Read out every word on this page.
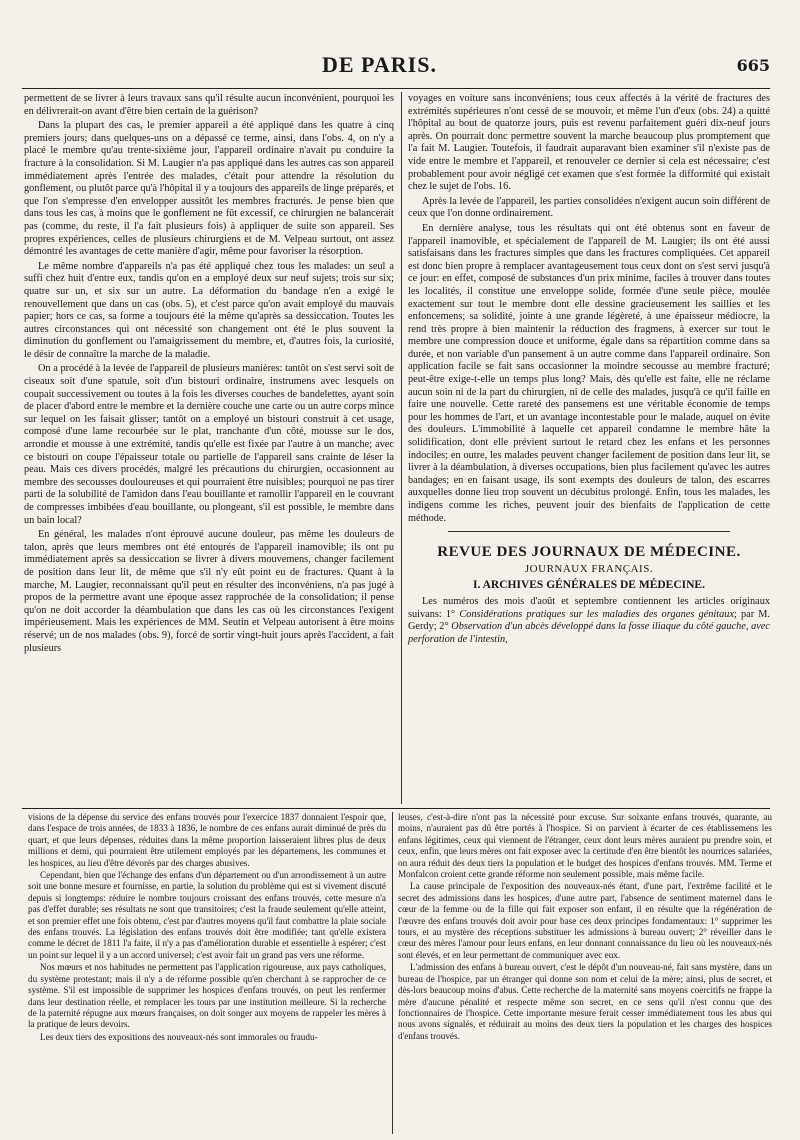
DE PARIS.	665

permettent de se livrer à leurs travaux sans qu'il résulte aucun inconvénient, pourquoi les en délivrerait-on avant d'être bien certain de la guérison?

Dans la plupart des cas, le premier appareil a été appliqué dans les quatre à cinq premiers jours; dans quelques-uns on a dépassé ce terme, ainsi, dans l'obs. 4, on n'y a placé le membre qu'au trente-sixième jour, l'appareil ordinaire n'avait pu conduire la fracture à la consolidation. Si M. Laugier n'a pas appliqué dans les autres cas son appareil immédiatement après l'entrée des malades, c'était pour attendre la résolution du gonflement, ou plutôt parce qu'à l'hôpital il y a toujours des appareils de linge préparés, et que l'on s'empresse d'en envelopper aussitôt les membres fracturés. Je pense bien que dans tous les cas, à moins que le gonflement ne fût excessif, ce chirurgien ne balancerait pas (comme, du reste, il l'a fait plusieurs fois) à appliquer de suite son appareil. Ses propres expériences, celles de plusieurs chirurgiens et de M. Velpeau surtout, ont assez démontré les avantages de cette manière d'agir, même pour favoriser la résorption.

Le même nombre d'appareils n'a pas été appliqué chez tous les malades: un seul a suffi chez huit d'entre eux, tandis qu'on en a employé deux sur neuf sujets; trois sur six; quatre sur un, et six sur un autre. La déformation du bandage n'en a exigé le renouvellement que dans un cas (obs. 5), et c'est parce qu'on avait employé du mauvais papier; hors ce cas, sa forme a toujours été la même qu'après sa dessiccation. Toutes les autres circonstances qui ont nécessité son changement ont été le plus souvent la diminution du gonflement ou l'amaigrissement du membre, et, d'autres fois, la curiosité, le désir de connaître la marche de la maladie.

On a procédé à la levée de l'appareil de plusieurs manières: tantôt on s'est servi soit de ciseaux soit d'une spatule, soit d'un bistouri ordinaire, instrumens avec lesquels on coupait successivement ou toutes à la fois les diverses couches de bandelettes, ayant soin de placer d'abord entre le membre et la dernière couche une carte ou un autre corps mince sur lequel on les faisait glisser; tantôt on a employé un bistouri construit à cet usage, composé d'une lame recourbée sur le plat, tranchante d'un côté, mousse sur le dos, arrondie et mousse à une extrémité, tandis qu'elle est fixée par l'autre à un manche; avec ce bistouri on coupe l'épaisseur totale ou partielle de l'appareil sans crainte de léser la peau. Mais ces divers procédés, malgré les précautions du chirurgien, occasionnent au membre des secousses douloureuses et qui pourraient être nuisibles; pourquoi ne pas tirer parti de la solubilité de l'amidon dans l'eau bouillante et ramollir l'appareil en le couvrant de compresses imbibées d'eau bouillante, ou plongeant, s'il est possible, le membre dans un bain local?

En général, les malades n'ont éprouvé aucune douleur, pas même les douleurs de talon, après que leurs membres ont été entourés de l'appareil inamovible; ils ont pu immédiatement après sa dessiccation se livrer à divers mouvemens, changer facilement de position dans leur lit, de même que s'il n'y eût point eu de fractures. Quant à la marche, M. Laugier, reconnaissant qu'il peut en résulter des inconvéniens, n'a pas jugé à propos de la permettre avant une époque assez rapprochée de la consolidation; il pense qu'on ne doit accorder la déambulation que dans les cas où les circonstances l'exigent impérieusement. Mais les expériences de MM. Seutin et Velpeau autorisent à être moins réservé; un de nos malades (obs. 9), forcé de sortir vingt-huit jours après l'accident, a fait plusieurs

voyages en voiture sans inconvéniens; tous ceux affectés à la vérité de fractures des extrémités supérieures n'ont cessé de se mouvoir, et même l'un d'eux (obs. 24) a quitté l'hôpital au bout de quatorze jours, puis est revenu parfaitement guéri dix-neuf jours après. On pourrait donc permettre souvent la marche beaucoup plus promptement que l'a fait M. Laugier. Toutefois, il faudrait auparavant bien examiner s'il n'existe pas de vide entre le membre et l'appareil, et renouveler ce dernier si cela est nécessaire; c'est probablement pour avoir négligé cet examen que s'est formée la difformité qui existait chez le sujet de l'obs. 16.

Après la levée de l'appareil, les parties consolidées n'exigent aucun soin différent de ceux que l'on donne ordinairement.

En dernière analyse, tous les résultats qui ont été obtenus sont en faveur de l'appareil inamovible, et spécialement de l'appareil de M. Laugier; ils ont été aussi satisfaisans dans les fractures simples que dans les fractures compliquées. Cet appareil est donc bien propre à remplacer avantageusement tous ceux dont on s'est servi jusqu'à ce jour: en effet, composé de substances d'un prix minime, faciles à trouver dans toutes les localités, il constitue une enveloppe solide, formée d'une seule pièce, moulée exactement sur tout le membre dont elle dessine gracieusement les saillies et les enfoncemens; sa solidité, jointe à une grande légèreté, à une épaisseur médiocre, la rend très propre à bien maintenir la réduction des fragmens, à exercer sur tout le membre une compression douce et uniforme, égale dans sa répartition comme dans sa durée, et non variable d'un pansement à un autre comme dans l'appareil ordinaire. Son application facile se fait sans occasionner la moindre secousse au membre fracturé; peut-être exige-t-elle un temps plus long? Mais, dès qu'elle est faite, elle ne réclame aucun soin ni de la part du chirurgien, ni de celle des malades, jusqu'à ce qu'il faille en faire une nouvelle. Cette rareté des pansemens est une véritable économie de temps pour les hommes de l'art, et un avantage incontestable pour le malade, auquel on évite des douleurs. L'immobilité à laquelle cet appareil condamne le membre hâte la solidification, dont elle prévient surtout le retard chez les enfans et les personnes indociles; en outre, les malades peuvent changer facilement de position dans leur lit, se livrer à la déambulation, à diverses occupations, bien plus facilement qu'avec les autres bandages; en en faisant usage, ils sont exempts des douleurs de talon, des escarres auxquelles donne lieu trop souvent un décubitus prolongé. Enfin, tous les malades, les indigens comme les riches, peuvent jouir des bienfaits de l'application de cette méthode.

REVUE DES JOURNAUX DE MÉDECINE.
JOURNAUX FRANÇAIS.
I. ARCHIVES GÉNÉRALES DE MÉDECINE.

Les numéros des mois d'août et septembre contiennent les articles originaux suivans: 1° Considérations pratiques sur les maladies des organes génitaux; par M. Gerdy; 2° Observation d'un abcès développé dans la fosse iliaque du côté gauche, avec perforation de l'intestin,

visions de la dépense du service des enfans trouvés pour l'exercice 1837 donnaient l'espoir que, dans l'espace de trois années, de 1833 à 1836, le nombre de ces enfans aurait diminué de près du quart, et que leurs dépenses, réduites dans la même proportion laisseraient libres plus de deux millions et demi, qui pourraient être utilement employés par les départemens, les communes et les hospices, au lieu d'être dévorés par des charges abusives.

Cependant, bien que l'échange des enfans d'un département ou d'un arrondissement à un autre soit une bonne mesure et fournisse, en partie, la solution du problème qui est si vivement discuté depuis si longtemps: réduire le nombre toujours croissant des enfans trouvés, cette mesure n'a pas d'effet durable; ses résultats ne sont que transitoires; c'est la fraude seulement qu'elle atteint, et son premier effet une fois obtenu, c'est par d'autres moyens qu'il faut combattre la plaie sociale des enfans trouvés. La législation des enfans trouvés doit être modifiée; tant qu'elle existera comme le décret de 1811 l'a faite, il n'y a pas d'amélioration durable et essentielle à espérer; c'est un point sur lequel il y a un accord universel; c'est avoir fait un grand pas vers une réforme.

Nos mœurs et nos habitudes ne permettent pas l'application rigoureuse, aux pays catholiques, du système protestant; mais il n'y a de réforme possible qu'en cherchant à se rapprocher de ce système. S'il est impossible de supprimer les hospices d'enfans trouvés, on peut les renfermer dans leur destination réelle, et remplacer les tours par une institution meilleure. Si la recherche de la paternité répugne aux mœurs françaises, on doit songer aux moyens de rappeler les mères à la pratique de leurs devoirs.

Les deux tiers des expositions des nouveaux-nés sont immorales ou fraudu-

leuses, c'est-à-dire n'ont pas la nécessité pour excuse. Sur soixante enfans trouvés, quarante, au moins, n'auraient pas dû être portés à l'hospice. Si on parvient à écarter de ces établissemens les enfans légitimes, ceux qui viennent de l'étranger, ceux dont leurs mères auraient pu prendre soin, et ceux, enfin, que leurs mères ont fait exposer avec la certitude d'en être bientôt les nourrices salariées, on aura réduit des deux tiers la population et le budget des hospices d'enfans trouvés. MM. Terme et Monfalcon croient cette grande réforme non seulement possible, mais même facile.

La cause principale de l'exposition des nouveaux-nés étant, d'une part, l'extrême facilité et le secret des admissions dans les hospices, d'une autre part, l'absence de sentiment maternel dans le cœur de la femme ou de la fille qui fait exposer son enfant, il en résulte que la régénération de l'œuvre des enfans trouvés doit avoir pour base ces deux principes fondamentaux: 1° supprimer les tours, et au mystère des réceptions substituer les admissions à bureau ouvert; 2° réveiller dans le cœur des mères l'amour pour leurs enfans, en leur donnant connaissance du lieu où les nouveaux-nés sont élevés, et en leur permettant de communiquer avec eux.

L'admission des enfans à bureau ouvert, c'est le dépôt d'un nouveau-né, fait sans mystère, dans un bureau de l'hospice, par un étranger qui donne son nom et celui de la mère; ainsi, plus de secret, et dès-lors beaucoup moins d'abus. Cette recherche de la maternité sans moyens coercitifs ne frappe la mère d'aucune pénalité et respecte même son secret, en ce sens qu'il n'est connu que des fonctionnaires de l'hospice. Cette importante mesure ferait cesser immédiatement tous les abus qui nous avons signalés, et réduirait au moins des deux tiers la population et les charges des hospices d'enfans trouvés.
